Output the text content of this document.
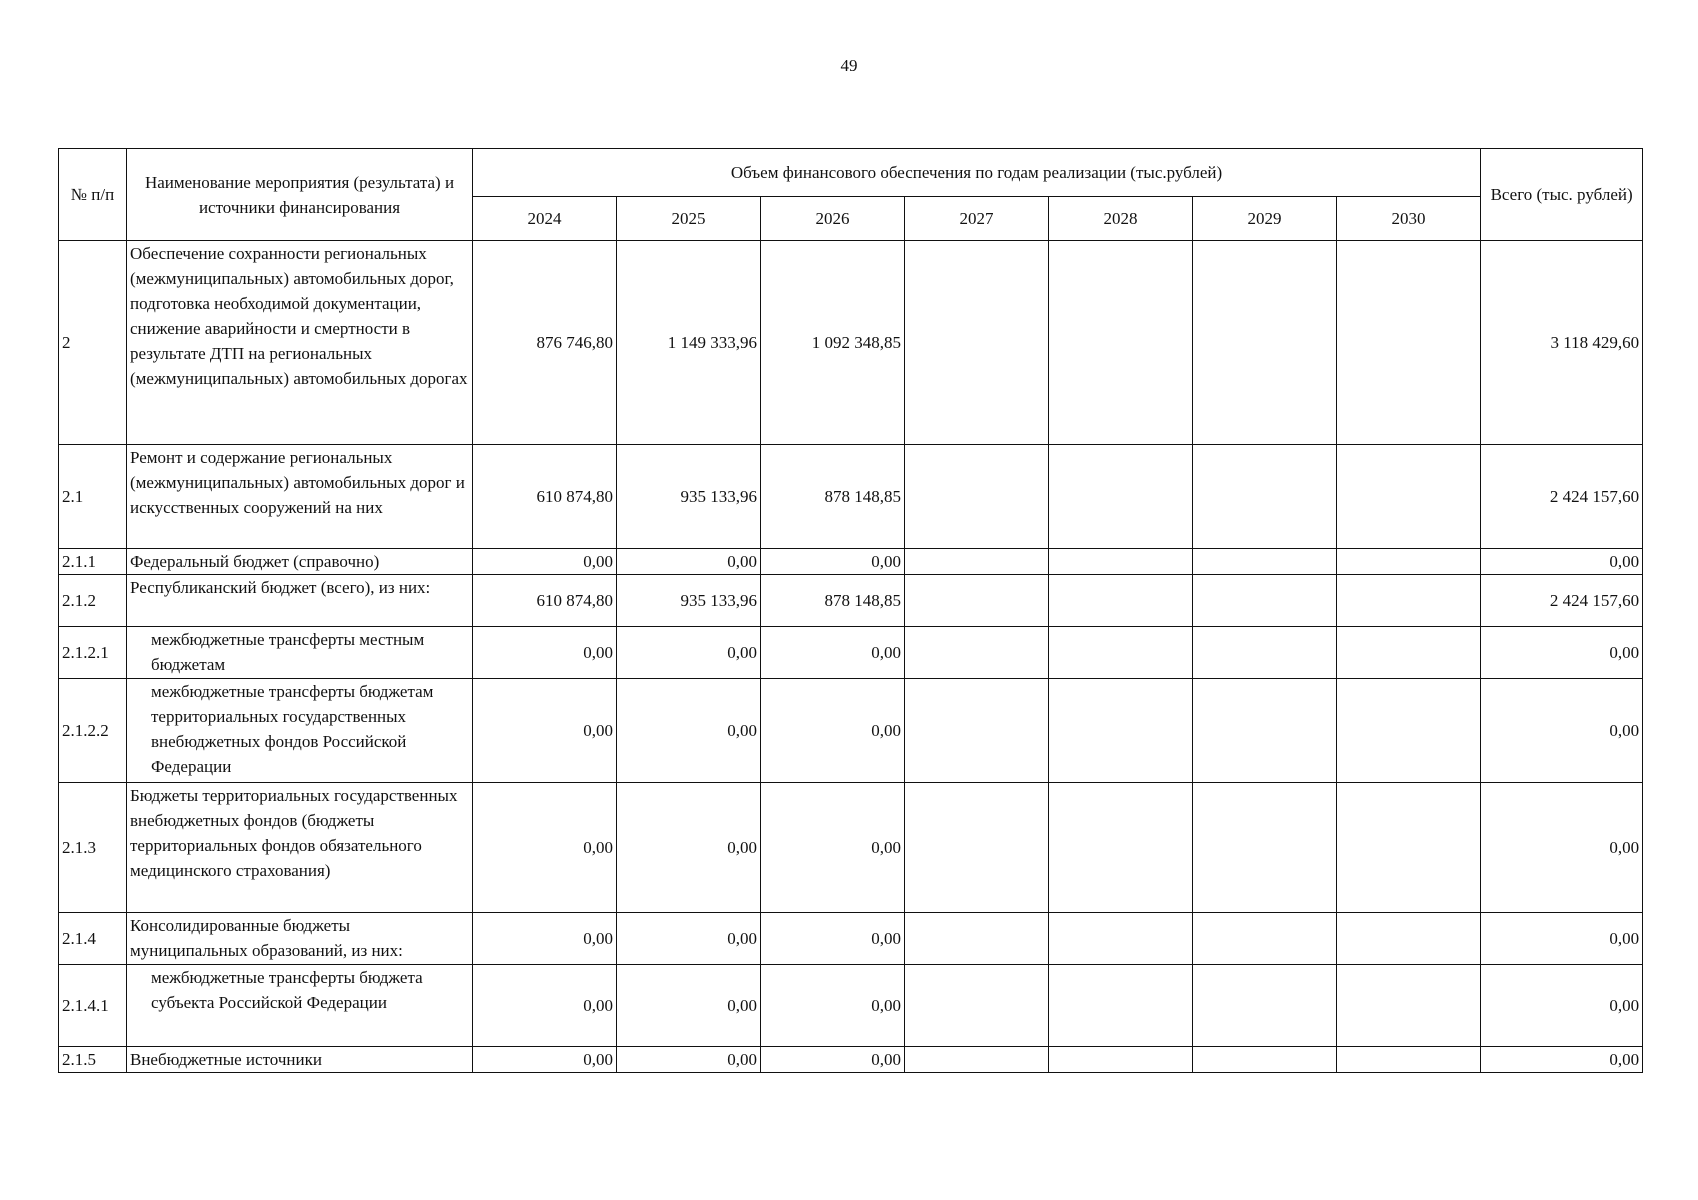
49
№ п/п	Наименование мероприятия (результата) и источники финансирования	Объем финансового обеспечения по годам реализации (тыс.рублей)							Всего (тыс. рублей)
		2024	2025	2026	2027	2028	2029	2030	
2	Обеспечение сохранности региональных (межмуниципальных) автомобильных дорог, подготовка необходимой документации, снижение аварийности и смертности в результате ДТП на региональных (межмуниципальных) автомобильных дорогах	876 746,80	1 149 333,96	1 092 348,85					3 118 429,60
2.1	Ремонт и содержание региональных (межмуниципальных) автомобильных дорог и искусственных сооружений на них	610 874,80	935 133,96	878 148,85					2 424 157,60
2.1.1	Федеральный бюджет (справочно)	0,00	0,00	0,00					0,00
2.1.2	Республиканский бюджет (всего), из них:	610 874,80	935 133,96	878 148,85					2 424 157,60
2.1.2.1	межбюджетные трансферты местным бюджетам	0,00	0,00	0,00					0,00
2.1.2.2	межбюджетные трансферты бюджетам территориальных государственных внебюджетных фондов Российской Федерации	0,00	0,00	0,00					0,00
2.1.3	Бюджеты территориальных государственных внебюджетных фондов (бюджеты территориальных фондов обязательного медицинского страхования)	0,00	0,00	0,00					0,00
2.1.4	Консолидированные бюджеты муниципальных образований, из них:	0,00	0,00	0,00					0,00
2.1.4.1	межбюджетные трансферты бюджета субъекта Российской Федерации	0,00	0,00	0,00					0,00
2.1.5	Внебюджетные источники	0,00	0,00	0,00					0,00
